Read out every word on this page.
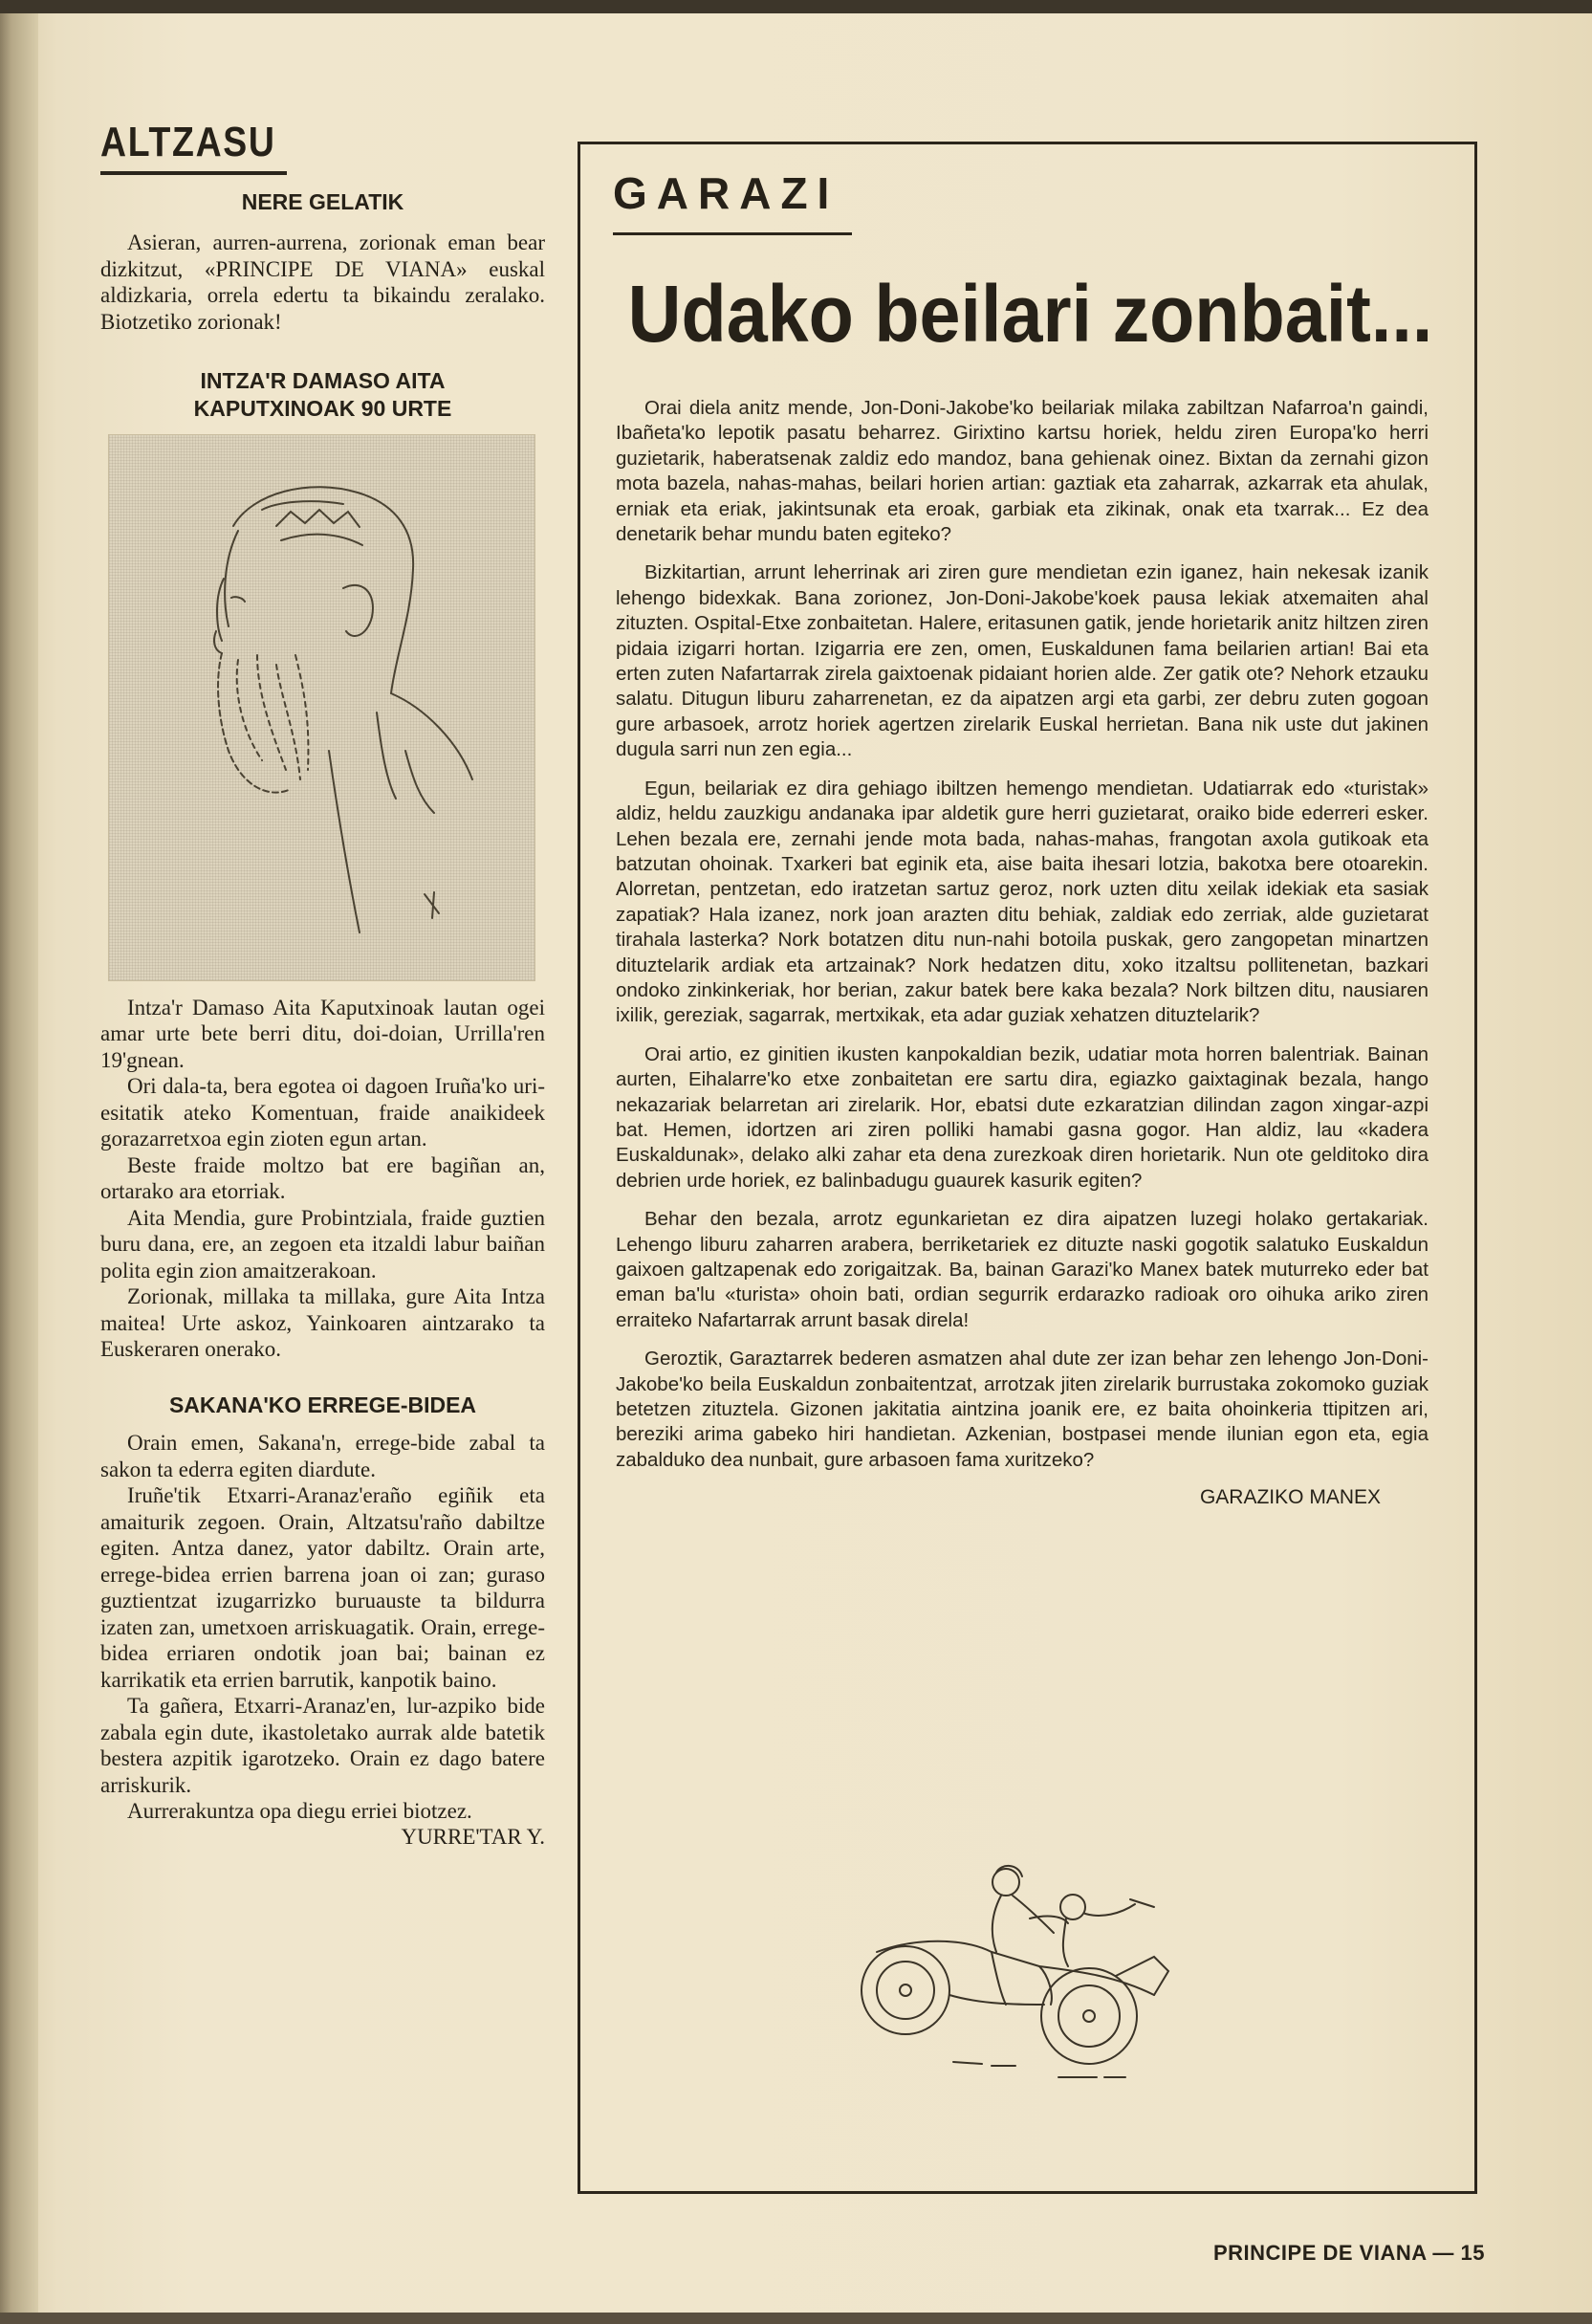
ALTZASU
NERE GELATIK

Asieran, aurren-aurrena, zorionak eman bear dizkitzut, «PRINCIPE DE VIANA» euskal aldizkaria, orrela edertu ta bikaindu zeralako. Biotzetiko zorionak!

INTZA'R DAMASO AITA
KAPUTXINOAK 90 URTE

Intza'r Damaso Aita Kaputxinoak lautan ogei amar urte bete berri ditu, doi-doian, Urrilla'ren 19'gnean.

Ori dala-ta, bera egotea oi dagoen Iruña'ko uri-esitatik ateko Komentuan, fraide anaikideek gorazarretxoa egin zioten egun artan.

Beste fraide moltzo bat ere bagiñan an, ortarako ara etorriak.

Aita Mendia, gure Probintziala, fraide guztien buru dana, ere, an zegoen eta itzaldi labur baiñan polita egin zion amaitzerakoan.

Zorionak, millaka ta millaka, gure Aita Intza maitea! Urte askoz, Yainkoaren aintzarako ta Euskeraren onerako.

SAKANA'KO ERREGE-BIDEA

Orain emen, Sakana'n, errege-bide zabal ta sakon ta ederra egiten diardute.

Iruñe'tik Etxarri-Aranaz'eraño egiñik eta amaiturik zegoen. Orain, Altzatsu'raño dabiltze egiten. Antza danez, yator dabiltz. Orain arte, errege-bidea errien barrena joan oi zan; guraso guztientzat izugarrizko buruauste ta bildurra izaten zan, umetxoen arriskuagatik. Orain, errege-bidea erriaren ondotik joan bai; bainan ez karrikatik eta errien barrutik, kanpotik baino.

Ta gañera, Etxarri-Aranaz'en, lur-azpiko bide zabala egin dute, ikastoletako aurrak alde batetik bestera azpitik igarotzeko. Orain ez dago batere arriskurik.

Aurrerakuntza opa diegu erriei biotzez.

YURRE'TAR Y.

GARAZI
Udako beilari zonbait...

Orai diela anitz mende, Jon-Doni-Jakobe'ko beilariak milaka zabiltzan Nafarroa'n gaindi, Ibañeta'ko lepotik pasatu beharrez. Girixtino kartsu horiek, heldu ziren Europa'ko herri guzietarik, haberatsenak zaldiz edo mandoz, bana gehienak oinez. Bixtan da zernahi gizon mota bazela, nahas-mahas, beilari horien artian: gaztiak eta zaharrak, azkarrak eta ahulak, erniak eta eriak, jakintsunak eta eroak, garbiak eta zikinak, onak eta txarrak... Ez dea denetarik behar mundu baten egiteko?

Bizkitartian, arrunt leherrinak ari ziren gure mendietan ezin iganez, hain nekesak izanik lehengo bidexkak. Bana zorionez, Jon-Doni-Jakobe'koek pausa lekiak atxemaiten ahal zituzten. Ospital-Etxe zonbaitetan. Halere, eritasunen gatik, jende horietarik anitz hiltzen ziren pidaia izigarri hortan. Izigarria ere zen, omen, Euskaldunen fama beilarien artian! Bai eta erten zuten Nafartarrak zirela gaixtoenak pidaiant horien alde. Zer gatik ote? Nehork etzauku salatu. Ditugun liburu zaharrenetan, ez da aipatzen argi eta garbi, zer debru zuten gogoan gure arbasoek, arrotz horiek agertzen zirelarik Euskal herrietan. Bana nik uste dut jakinen dugula sarri nun zen egia...

Egun, beilariak ez dira gehiago ibiltzen hemengo mendietan. Udatiarrak edo «turistak» aldiz, heldu zauzkigu andanaka ipar aldetik gure herri guzietarat, oraiko bide ederreri esker. Lehen bezala ere, zernahi jende mota bada, nahas-mahas, frangotan axola gutikoak eta batzutan ohoinak. Txarkeri bat eginik eta, aise baita ihesari lotzia, bakotxa bere otoarekin. Alorretan, pentzetan, edo iratzetan sartuz geroz, nork uzten ditu xeilak idekiak eta sasiak zapatiak? Hala izanez, nork joan arazten ditu behiak, zaldiak edo zerriak, alde guzietarat tirahala lasterka? Nork botatzen ditu nun-nahi botoila puskak, gero zangopetan minartzen dituztelarik ardiak eta artzainak? Nork hedatzen ditu, xoko itzaltsu pollitenetan, bazkari ondoko zinkinkeriak, hor berian, zakur batek bere kaka bezala? Nork biltzen ditu, nausiaren ixilik, gereziak, sagarrak, mertxikak, eta adar guziak xehatzen dituztelarik?

Orai artio, ez ginitien ikusten kanpokaldian bezik, udatiar mota horren balentriak. Bainan aurten, Eihalarre'ko etxe zonbaitetan ere sartu dira, egiazko gaixtaginak bezala, hango nekazariak belarretan ari zirelarik. Hor, ebatsi dute ezkaratzian dilindan zagon xingar-azpi bat. Hemen, idortzen ari ziren polliki hamabi gasna gogor. Han aldiz, lau «kadera Euskaldunak», delako alki zahar eta dena zurezkoak diren horietarik. Nun ote gelditoko dira debrien urde horiek, ez balinbadugu guaurek kasurik egiten?

Behar den bezala, arrotz egunkarietan ez dira aipatzen luzegi holako gertakariak. Lehengo liburu zaharren arabera, berriketariek ez dituzte naski gogotik salatuko Euskaldun gaixoen galtzapenak edo zorigaitzak. Ba, bainan Garazi'ko Manex batek muturreko eder bat eman ba'lu «turista» ohoin bati, ordian segurrik erdarazko radioak oro oihuka ariko ziren erraiteko Nafartarrak arrunt basak direla!

Geroztik, Garaztarrek bederen asmatzen ahal dute zer izan behar zen lehengo Jon-Doni-Jakobe'ko beila Euskaldun zonbaitentzat, arrotzak jiten zirelarik burrustaka zokomoko guziak betetzen zituztela. Gizonen jakitatia aintzina joanik ere, ez baita ohoinkeria ttipitzen ari, bereziki arima gabeko hiri handietan. Azkenian, bostpasei mende ilunian egon eta, egia zabalduko dea nunbait, gure arbasoen fama xuritzeko?

GARAZIKO MANEX

PRINCIPE DE VIANA — 15
